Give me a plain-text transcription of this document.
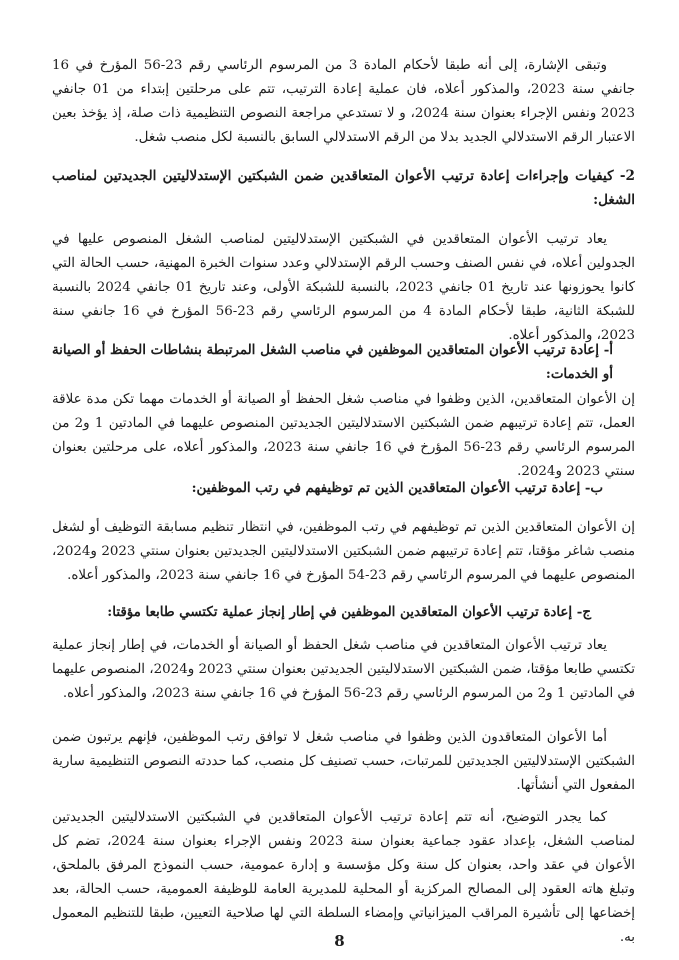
وتبقى الإشارة، إلى أنه طبقا لأحكام المادة 3 من المرسوم الرئاسي رقم 23-56 المؤرخ في 16 جانفي سنة 2023، والمذكور أعلاه، فان عملية إعادة الترتيب، تتم على مرحلتين إبتداء من 01 جانفي 2023 ونفس الإجراء بعنوان سنة 2024، و لا تستدعي مراجعة النصوص التنظيمية ذات صلة، إذ يؤخذ بعين الاعتبار الرقم الاستدلالي الجديد بدلا من الرقم الاستدلالي السابق بالنسبة لكل منصب شغل.

2- كيفيات وإجراءات إعادة ترتيب الأعوان المتعاقدين ضمن الشبكتين الإستدلاليتين الجديدتين لمناصب الشغل:

يعاد ترتيب الأعوان المتعاقدين في الشبكتين الإستدلاليتين لمناصب الشغل المنصوص عليها في الجدولين أعلاه، في نفس الصنف وحسب الرقم الإستدلالي وعدد سنوات الخبرة المهنية، حسب الحالة التي كانوا يحوزونها عند تاريخ 01 جانفي 2023، بالنسبة للشبكة الأولى، وعند تاريخ 01 جانفي 2024 بالنسبة للشبكة الثانية، طبقا لأحكام المادة 4 من المرسوم الرئاسي رقم 23-56 المؤرخ في 16 جانفي سنة 2023، والمذكور أعلاه.

أ- إعادة ترتيب الأعوان المتعاقدين الموظفين في مناصب الشغل المرتبطة بنشاطات الحفظ أو الصيانة أو الخدمات:

إن الأعوان المتعاقدين، الذين وظفوا في مناصب شغل الحفظ أو الصيانة أو الخدمات مهما تكن مدة علاقة العمل، تتم إعادة ترتيبهم ضمن الشبكتين الاستدلاليتين الجديدتين المنصوص عليهما في المادتين 1 و2 من المرسوم الرئاسي رقم 23-56 المؤرخ في 16 جانفي سنة 2023، والمذكور أعلاه، على مرحلتين بعنوان سنتي 2023 و2024.

ب- إعادة ترتيب الأعوان المتعاقدين الذين تم توظيفهم في رتب الموظفين:

إن الأعوان المتعاقدين الذين تم توظيفهم في رتب الموظفين، في انتظار تنظيم مسابقة التوظيف أو لشغل منصب شاغر مؤقتا، تتم إعادة ترتيبهم ضمن الشبكتين الاستدلاليتين الجديدتين بعنوان سنتي 2023 و2024، المنصوص عليهما في المرسوم الرئاسي رقم 23-54 المؤرخ في 16 جانفي سنة 2023، والمذكور أعلاه.

ج- إعادة ترتيب الأعوان المتعاقدين الموظفين في إطار إنجاز عملية تكتسي طابعا مؤقتا:

يعاد ترتيب الأعوان المتعاقدين في مناصب شغل الحفظ أو الصيانة أو الخدمات، في إطار إنجاز عملية تكتسي طابعا مؤقتا، ضمن الشبكتين الاستدلاليتين الجديدتين بعنوان سنتي 2023 و2024، المنصوص عليهما في المادتين 1 و2 من المرسوم الرئاسي رقم 23-56 المؤرخ في 16 جانفي سنة 2023، والمذكور أعلاه.

أما الأعوان المتعاقدون الذين وظفوا في مناصب شغل لا توافق رتب الموظفين، فإنهم يرتبون ضمن الشبكتين الإستدلاليتين الجديدتين للمرتبات، حسب تصنيف كل منصب، كما حددته النصوص التنظيمية سارية المفعول التي أنشأتها.

كما يجدر التوضيح، أنه تتم إعادة ترتيب الأعوان المتعاقدين في الشبكتين الاستدلاليتين الجديدتين لمناصب الشغل، بإعداد عقود جماعية بعنوان سنة 2023 ونفس الإجراء بعنوان سنة 2024، تضم كل الأعوان في عقد واحد، بعنوان كل سنة وكل مؤسسة و إدارة عمومية، حسب النموذج المرفق بالملحق، وتبلغ هاته العقود إلى المصالح المركزية أو المحلية للمديرية العامة للوظيفة العمومية، حسب الحالة، بعد إخضاعها إلى تأشيرة المراقب الميزانياتي وإمضاء السلطة التي لها صلاحية التعيين، طبقا للتنظيم المعمول به.

8
